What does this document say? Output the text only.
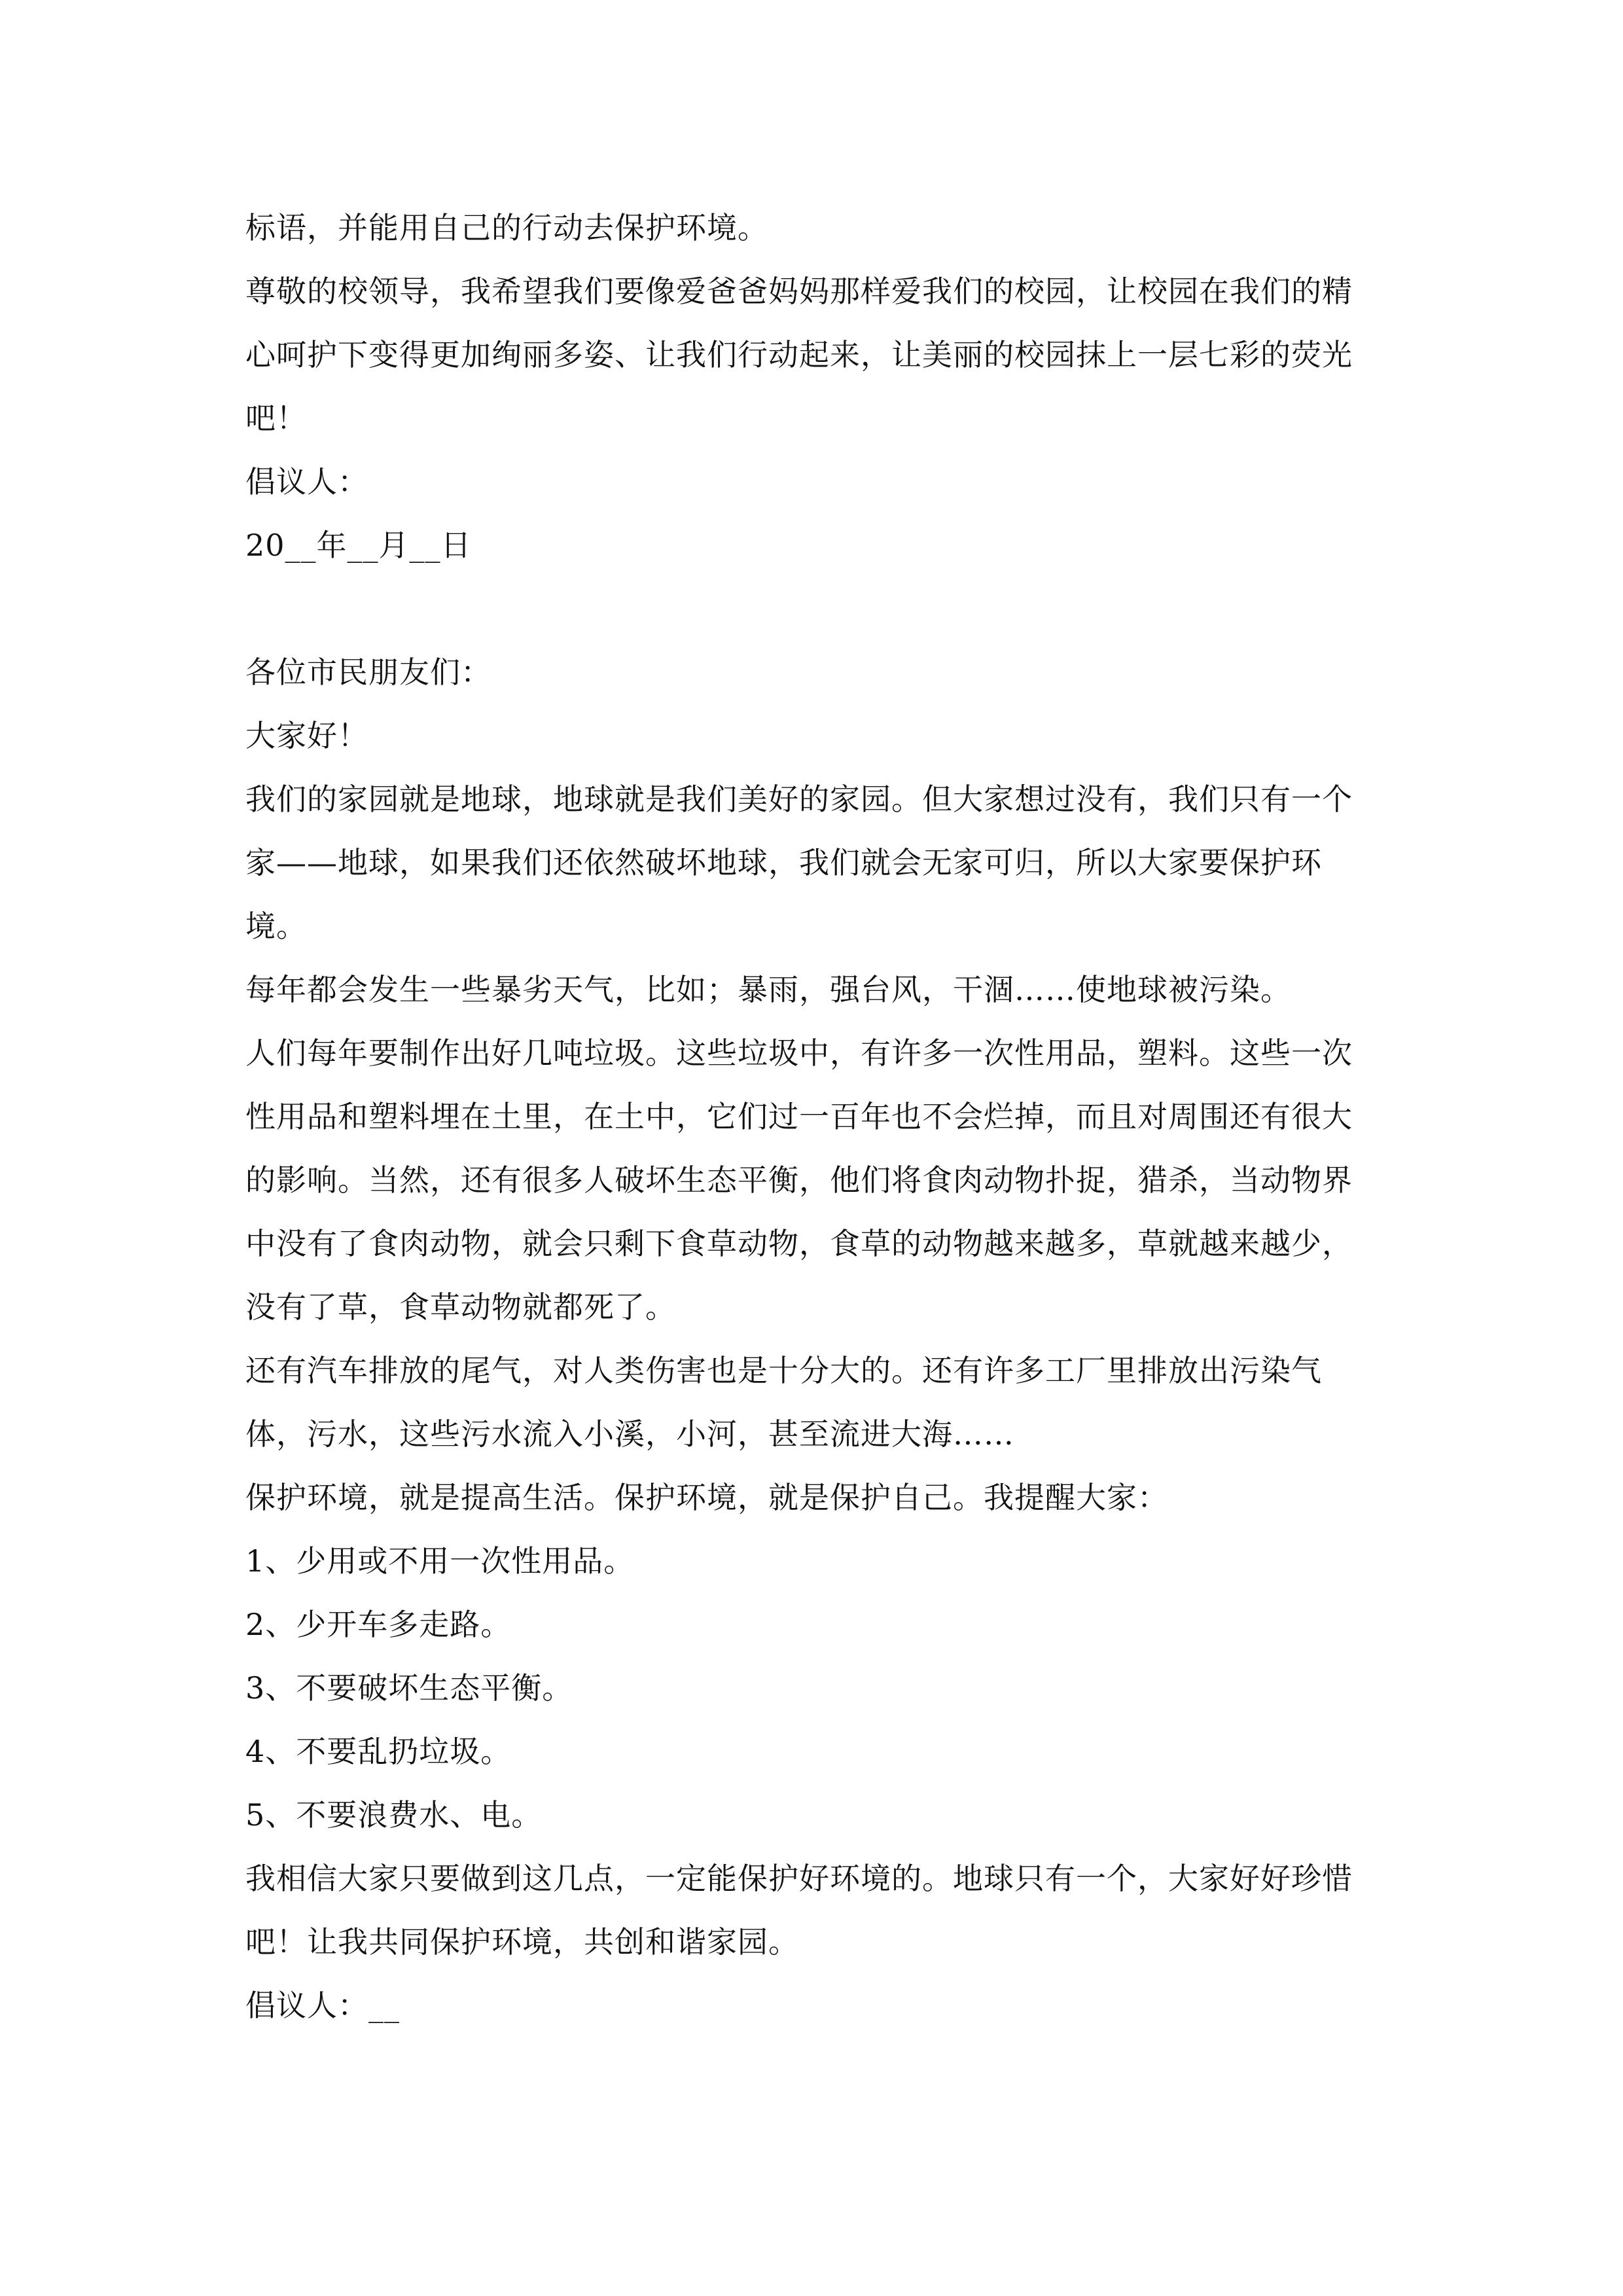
标语，并能用自己的行动去保护环境。

尊敬的校领导，我希望我们要像爱爸爸妈妈那样爱我们的校园，让校园在我们的精心呵护下变得更加绚丽多姿、让我们行动起来，让美丽的校园抹上一层七彩的荧光吧！

倡议人：

20__年__月__日

各位市民朋友们：

大家好！

我们的家园就是地球，地球就是我们美好的家园。但大家想过没有，我们只有一个家——地球，如果我们还依然破坏地球，我们就会无家可归，所以大家要保护环境。

每年都会发生一些暴劣天气，比如；暴雨，强台风，干涸……使地球被污染。

人们每年要制作出好几吨垃圾。这些垃圾中，有许多一次性用品，塑料。这些一次性用品和塑料埋在土里，在土中，它们过一百年也不会烂掉，而且对周围还有很大的影响。当然，还有很多人破坏生态平衡，他们将食肉动物扑捉，猎杀，当动物界中没有了食肉动物，就会只剩下食草动物，食草的动物越来越多，草就越来越少，没有了草，食草动物就都死了。

还有汽车排放的尾气，对人类伤害也是十分大的。还有许多工厂里排放出污染气体，污水，这些污水流入小溪，小河，甚至流进大海……

保护环境，就是提高生活。保护环境，就是保护自己。我提醒大家：

1、少用或不用一次性用品。

2、少开车多走路。

3、不要破坏生态平衡。

4、不要乱扔垃圾。

5、不要浪费水、电。

我相信大家只要做到这几点，一定能保护好环境的。地球只有一个，大家好好珍惜吧！让我共同保护环境，共创和谐家园。

倡议人：__
